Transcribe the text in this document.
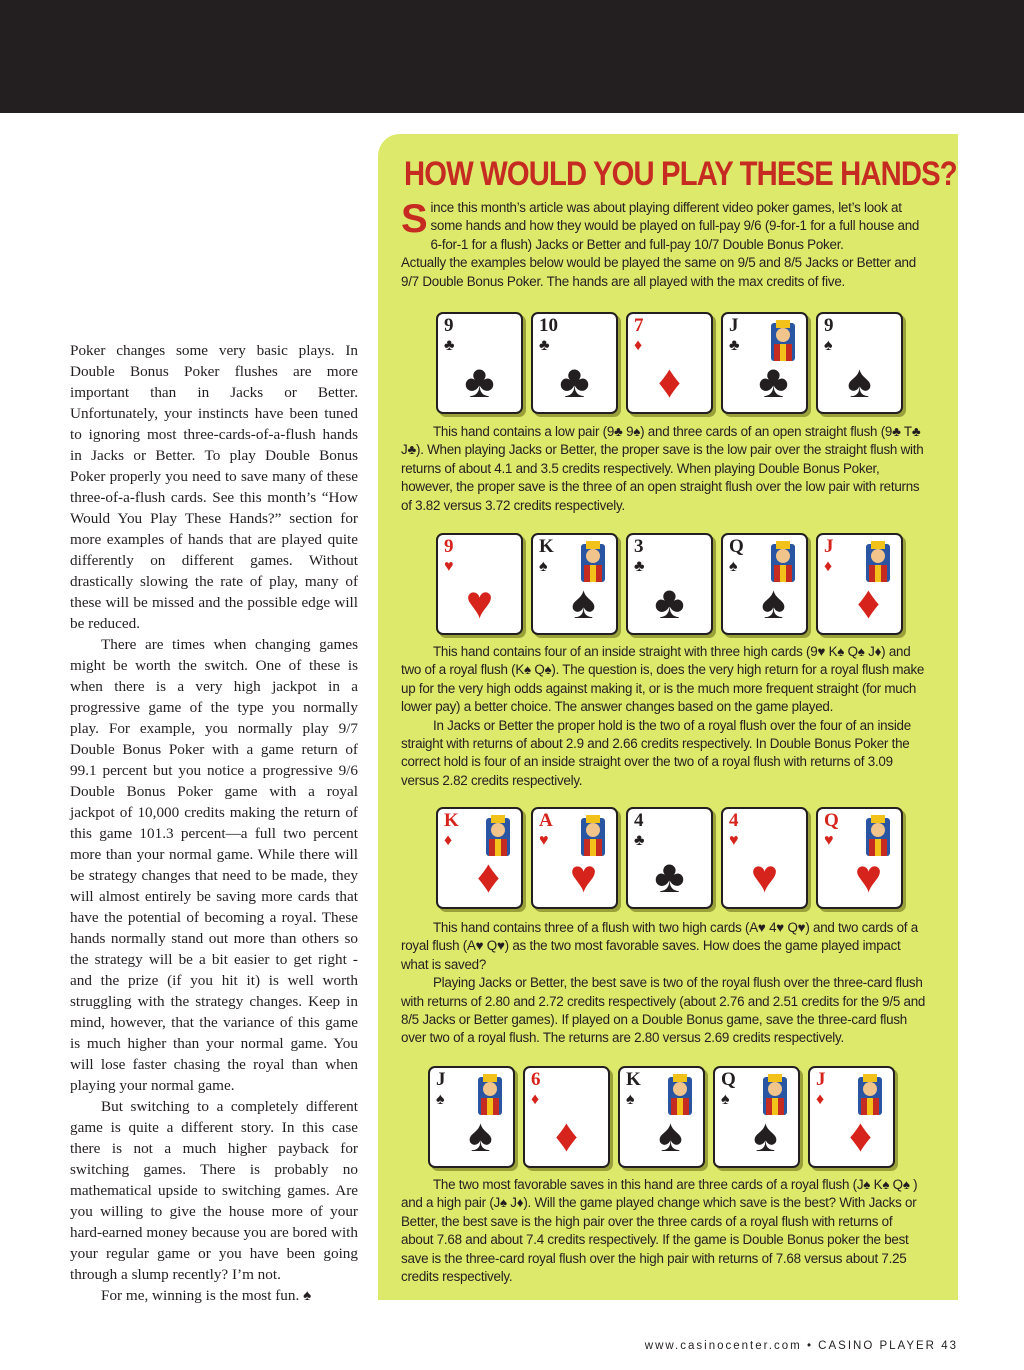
Poker changes some very basic plays. In Double Bonus Poker flushes are more important than in Jacks or Better. Unfortunately, your instincts have been tuned to ignoring most three-cards-of-a-flush hands in Jacks or Better. To play Double Bonus Poker properly you need to save many of these three-of-a-flush cards. See this month’s “How Would You Play These Hands?” section for more examples of hands that are played quite differently on different games. Without drastically slowing the rate of play, many of these will be missed and the possible edge will be reduced.

There are times when changing games might be worth the switch. One of these is when there is a very high jackpot in a progressive game of the type you normally play. For example, you normally play 9/7 Double Bonus Poker with a game return of 99.1 percent but you notice a progressive 9/6 Double Bonus Poker game with a royal jackpot of 10,000 credits making the return of this game 101.3 percent—a full two percent more than your normal game. While there will be strategy changes that need to be made, they will almost entirely be saving more cards that have the potential of becoming a royal. These hands normally stand out more than others so the strategy will be a bit easier to get right - and the prize (if you hit it) is well worth struggling with the strategy changes. Keep in mind, however, that the variance of this game is much higher than your normal game. You will lose faster chasing the royal than when playing your normal game.

But switching to a completely different game is quite a different story. In this case there is not a much higher payback for switching games. There is probably no mathematical upside to switching games. Are you willing to give the house more of your hard-earned money because you are bored with your regular game or you have been going through a slump recently? I’m not.

For me, winning is the most fun. ♠

HOW WOULD YOU PLAY THESE HANDS?

Since this month’s article was about playing different video poker games, let’s look at some hands and how they would be played on full-pay 9/6 (9-for-1 for a full house and 6-for-1 for a flush) Jacks or Better and full-pay 10/7 Double Bonus Poker.

Actually the examples below would be played the same on 9/5 and 8/5 Jacks or Better and 9/7 Double Bonus Poker. The hands are all played with the max credits of five.

9
♣
♣
10
♣
♣
7
♦
♦
J
♣
♣
9
♠
♠

This hand contains a low pair (9♣ 9♠) and three cards of an open straight flush (9♣ T♣ J♣). When playing Jacks or Better, the proper save is the low pair over the straight flush with returns of about 4.1 and 3.5 credits respectively. When playing Double Bonus Poker, however, the proper save is the three of an open straight flush over the low pair with returns of 3.82 versus 3.72 credits respectively.

9
♥
♥
K
♠
♠
3
♣
♣
Q
♠
♠
J
♦
♦

This hand contains four of an inside straight with three high cards (9♥ K♠ Q♠ J♦) and two of a royal flush (K♠ Q♠). The question is, does the very high return for a royal flush make up for the very high odds against making it, or is the much more frequent straight (for much lower pay) a better choice. The answer changes based on the game played.

In Jacks or Better the proper hold is the two of a royal flush over the four of an inside straight with returns of about 2.9 and 2.66 credits respectively. In Double Bonus Poker the correct hold is four of an inside straight over the two of a royal flush with returns of 3.09 versus 2.82 credits respectively.

K
♦
♦
A
♥
♥
4
♣
♣
4
♥
♥
Q
♥
♥

This hand contains three of a flush with two high cards (A♥ 4♥ Q♥) and two cards of a royal flush (A♥ Q♥) as the two most favorable saves. How does the game played impact what is saved?

Playing Jacks or Better, the best save is two of the royal flush over the three-card flush with returns of 2.80 and 2.72 credits respectively (about 2.76 and 2.51 credits for the 9/5 and 8/5 Jacks or Better games). If played on a Double Bonus game, save the three-card flush over two of a royal flush. The returns are 2.80 versus 2.69 credits respectively.

J
♠
♠
6
♦
♦
K
♠
♠
Q
♠
♠
J
♦
♦

The two most favorable saves in this hand are three cards of a royal flush (J♠ K♠ Q♠ ) and a high pair (J♠ J♦). Will the game played change which save is the best? With Jacks or Better, the best save is the high pair over the three cards of a royal flush with returns of about 7.68 and about 7.4 credits respectively. If the game is Double Bonus poker the best save is the three-card royal flush over the high pair with returns of 7.68 versus about 7.25 credits respectively.

www.casinocenter.com • CASINO PLAYER 43
